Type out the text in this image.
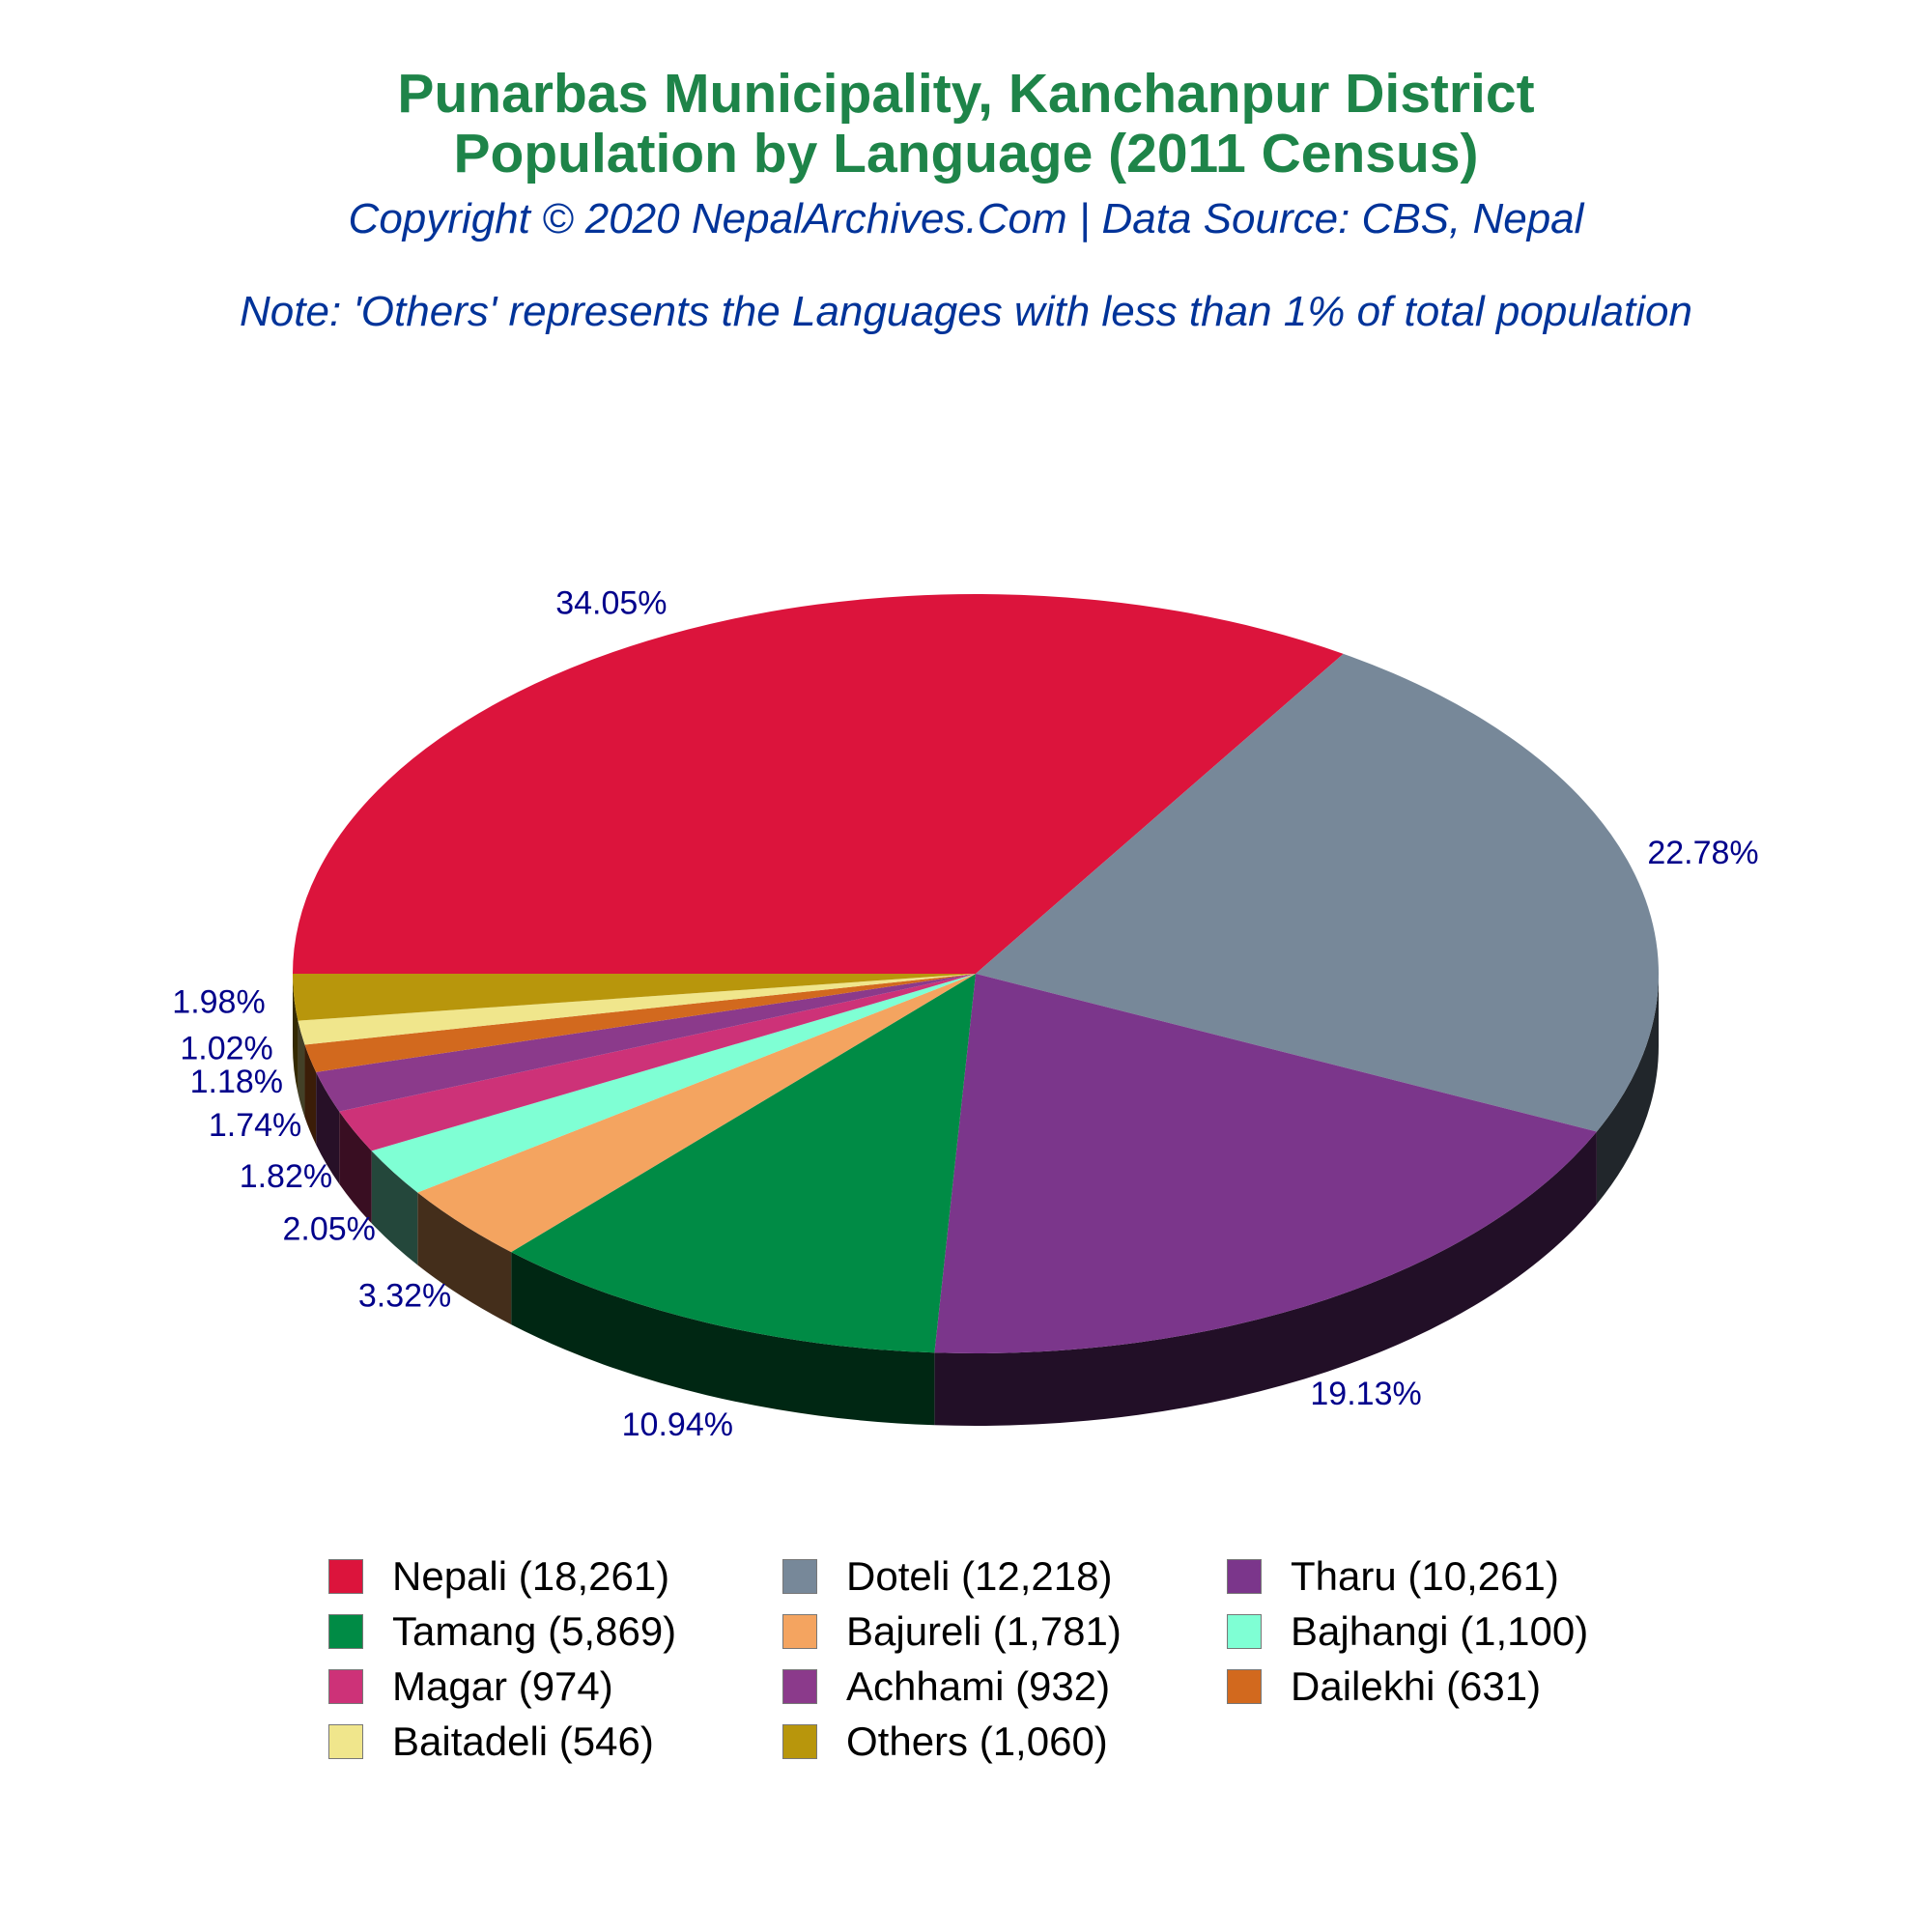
Punarbas Municipality, Kanchanpur District
Population by Language (2011 Census)
Copyright © 2020 NepalArchives.Com | Data Source: CBS, Nepal
Note: 'Others' represents the Languages with less than 1% of total population
34.05%
22.78%
19.13%
10.94%
3.32%
2.05%
1.82%
1.74%
1.18%
1.02%
1.98%
Nepali (18,261)	Doteli (12,218)	Tharu (10,261)
Tamang (5,869)	Bajureli (1,781)	Bajhangi (1,100)
Magar (974)	Achhami (932)	Dailekhi (631)
Baitadeli (546)	Others (1,060)
